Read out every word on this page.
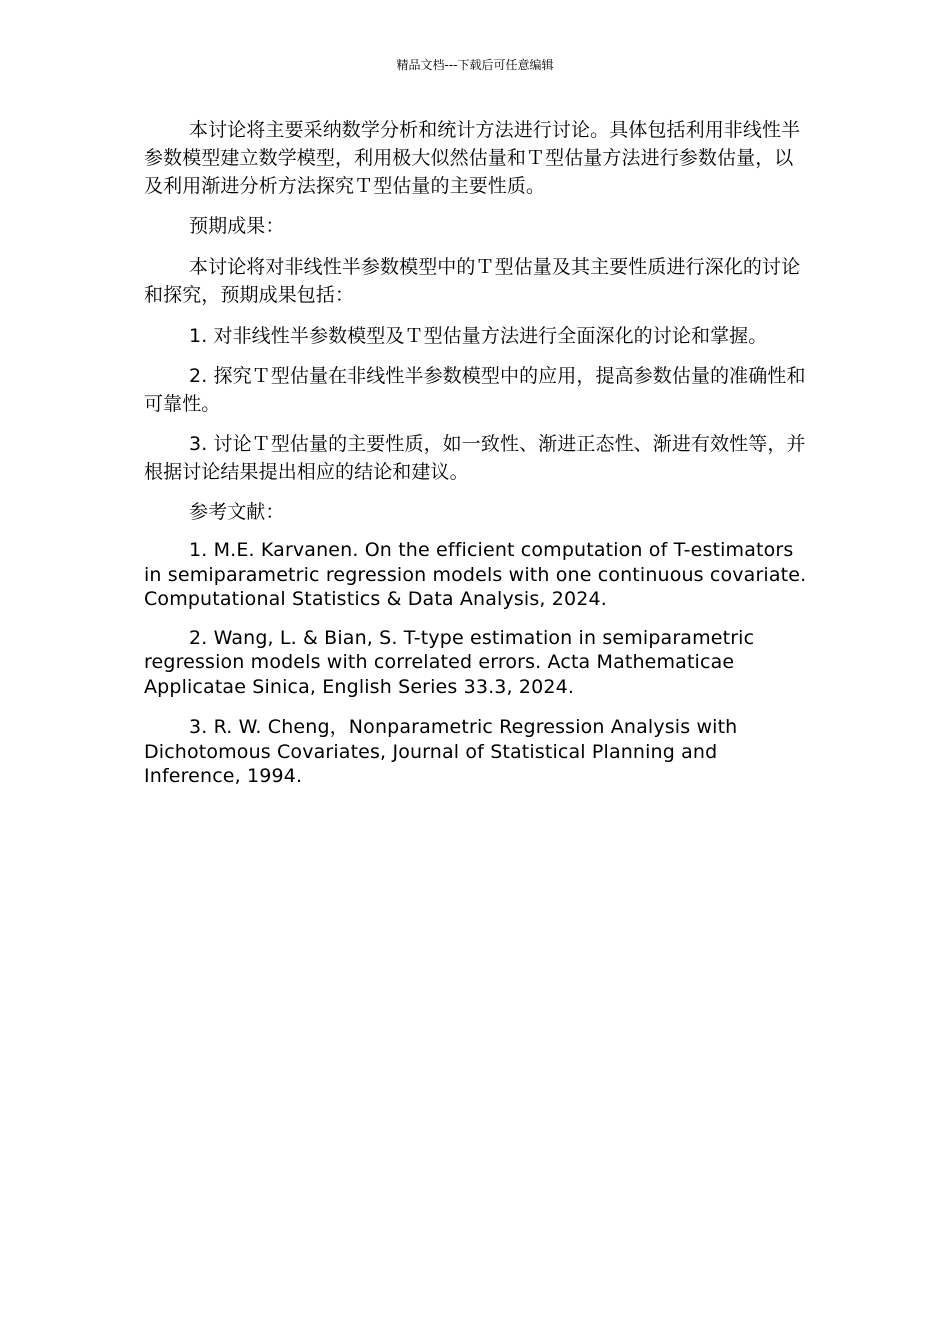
精品文档---下载后可任意编辑

本讨论将主要采纳数学分析和统计方法进行讨论。具体包括利用非线性半参数模型建立数学模型，利用极大似然估量和Ｔ型估量方法进行参数估量，以及利用渐进分析方法探究Ｔ型估量的主要性质。

预期成果：

本讨论将对非线性半参数模型中的Ｔ型估量及其主要性质进行深化的讨论和探究，预期成果包括：

1. 对非线性半参数模型及Ｔ型估量方法进行全面深化的讨论和掌握。

2. 探究Ｔ型估量在非线性半参数模型中的应用，提高参数估量的准确性和可靠性。

3. 讨论Ｔ型估量的主要性质，如一致性、渐进正态性、渐进有效性等，并根据讨论结果提出相应的结论和建议。

参考文献：

1. M.E. Karvanen. On the efficient computation of T-estimators in semiparametric regression models with one continuous covariate. Computational Statistics & Data Analysis, 2024.

2. Wang, L. & Bian, S. T-type estimation in semiparametric regression models with correlated errors. Acta Mathematicae Applicatae Sinica, English Series 33.3, 2024.

3. R. W. Cheng，Nonparametric Regression Analysis with Dichotomous Covariates, Journal of Statistical Planning and Inference, 1994.
